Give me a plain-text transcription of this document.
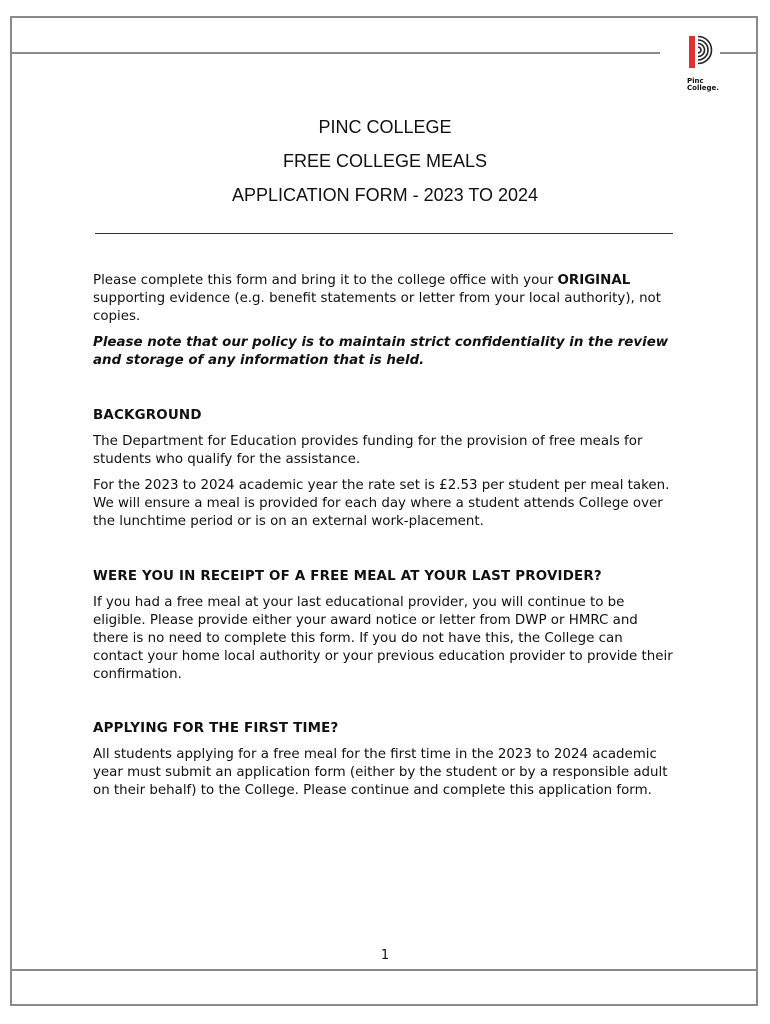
Pinc
College.
PINC COLLEGE
FREE COLLEGE MEALS
APPLICATION FORM - 2023 TO 2024

Please complete this form and bring it to the college office with your ORIGINAL supporting evidence (e.g. benefit statements or letter from your local authority), not copies.

Please note that our policy is to maintain strict confidentiality in the review and storage of any information that is held.

BACKGROUND

The Department for Education provides funding for the provision of free meals for students who qualify for the assistance.

For the 2023 to 2024 academic year the rate set is £2.53 per student per meal taken. We will ensure a meal is provided for each day where a student attends College over the lunchtime period or is on an external work-placement.

WERE YOU IN RECEIPT OF A FREE MEAL AT YOUR LAST PROVIDER?

If you had a free meal at your last educational provider, you will continue to be eligible. Please provide either your award notice or letter from DWP or HMRC and there is no need to complete this form. If you do not have this, the College can contact your home local authority or your previous education provider to provide their confirmation.

APPLYING FOR THE FIRST TIME?

All students applying for a free meal for the first time in the 2023 to 2024 academic year must submit an application form (either by the student or by a responsible adult on their behalf) to the College. Please continue and complete this application form.

1
